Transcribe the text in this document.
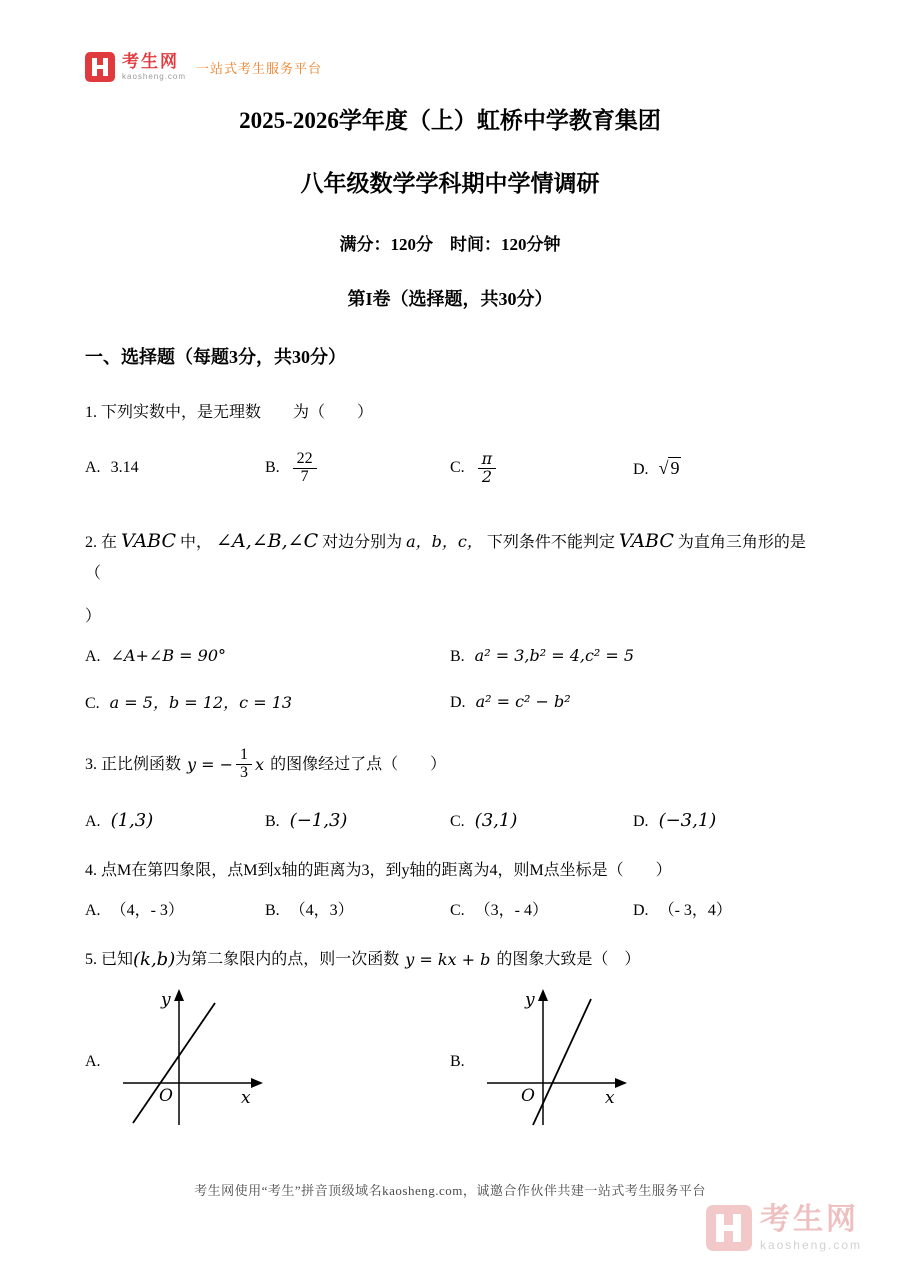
考生网
kaosheng.com
一站式考生服务平台
2025-2026学年度（上）虹桥中学教育集团
八年级数学学科期中学情调研
满分：120分　时间：120分钟
第I卷（选择题，共30分）
一、选择题（每题3分，共30分）

1. 下列实数中，是无理数　　为（　　）

A. 3.14	B. $\frac{22}{7}$	C. $\frac{\pi}{2}$	D. √ 9

2. 在 VABC 中， ∠A,∠B,∠C 对边分别为 a，b，c， 下列条件不能判定 VABC 为直角三角形的是（

）
A. ∠A+∠B = 90°	B. a² = 3,b² = 4,c² = 5
C. a = 5，b = 12，c = 13	D. a² = c² − b²
3. 正比例函数 y = − $\frac{1}{3}$ x 的图像经过了点（　　）
A. (1,3)	B. (−1,3)	C. (3,1)	D. (−3,1)

4. 点M在第四象限，点M到x轴的距离为3，到y轴的距离为4，则M点坐标是（　　）

A. （4，- 3）	B. （4，3）	C. （3，- 4）	D. （- 3，4）
5. 已知 (k,b) 为第二象限内的点，则一次函数 y = kx + b 的图象大致是（　）
A.
y
x
O
B.
y
x
O
考生网使用“考生”拼音顶级域名kaosheng.com，诚邀合作伙伴共建一站式考生服务平台
考生网
kaosheng.com
